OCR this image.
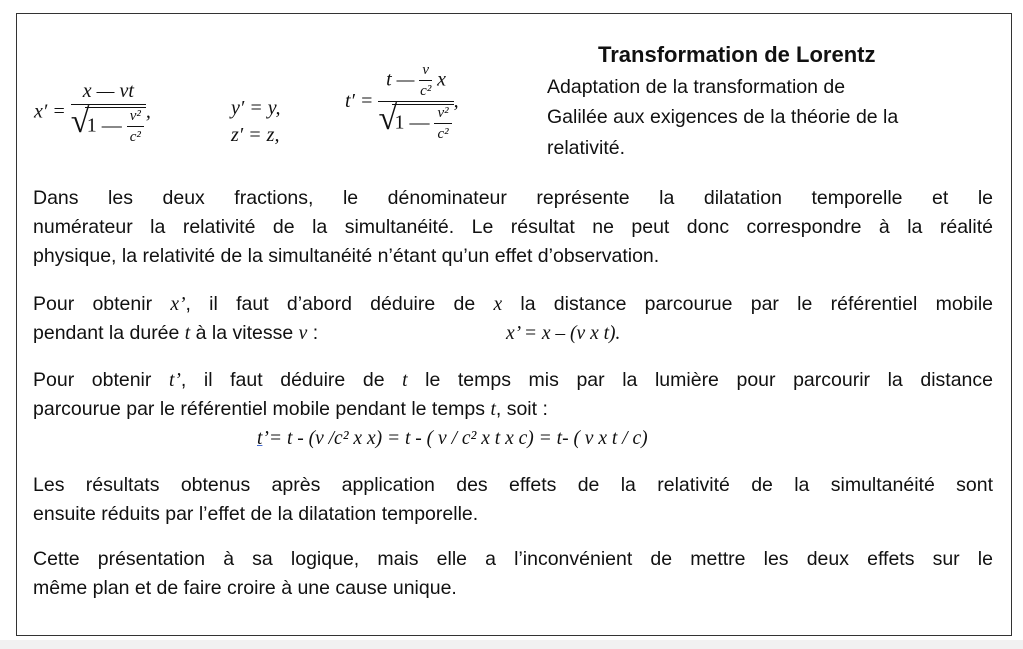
x′ =
x — vt
√
1 — $\frac{\text{v²}}{\text{c²}}$ ,	y′ = y,
z′ = z,
t′ =
t — $\frac{v}{\text{c²}}$ x
√
1 — $\frac{\text{v²}}{\text{c²}}$
,
Transformation de Lorentz
Adaptation de la transformation de
Galilée aux exigences de la théorie de la
relativité.
Dans les deux fractions, le dénominateur représente la dilatation temporelle et le
numérateur la relativité de la simultanéité. Le résultat ne peut donc correspondre à la réalité
physique, la relativité de la simultanéité n’étant qu’un effet d’observation.
Pour obtenir x’, il faut d’abord déduire de x la distance parcourue par le référentiel mobile
pendant la durée t à la vitesse v :	x’ = x – (v x t).
Pour obtenir t’, il faut déduire de t le temps mis par la lumière pour parcourir la distance
parcourue par le référentiel mobile pendant le temps t, soit :
t’= t - (v /c² x x) = t - ( v / c² x t x c) = t- ( v x t / c)
Les résultats obtenus après application des effets de la relativité de la simultanéité sont
ensuite réduits par l’effet de la dilatation temporelle.
Cette présentation à sa logique, mais elle a l’inconvénient de mettre les deux effets sur le
même plan et de faire croire à une cause unique.
